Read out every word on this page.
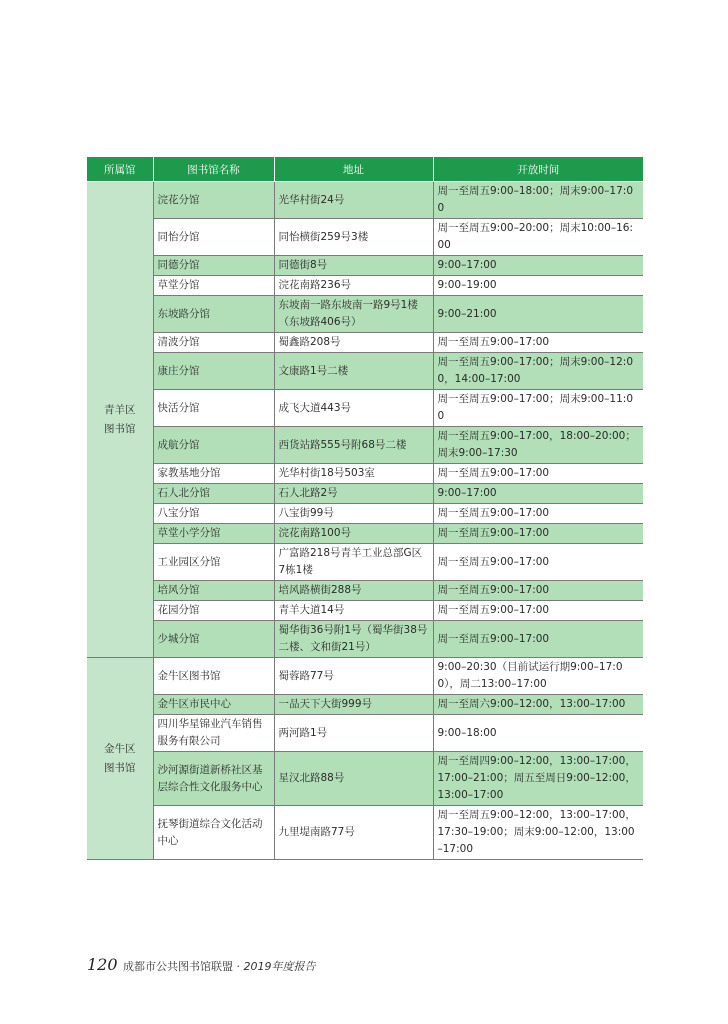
所属馆	图书馆名称	地址	开放时间

青羊区
图书馆	浣花分馆	光华村街24号	周一至周五9:00–18:00；周末9:00–17:00
	同怡分馆	同怡横街259号3楼	周一至周五9:00–20:00；周末10:00–16:00
	同德分馆	同德街8号	9:00–17:00
	草堂分馆	浣花南路236号	9:00–19:00
	东坡路分馆	东坡南一路东坡南一路9号1楼（东坡路406号）	9:00–21:00
	清波分馆	蜀鑫路208号	周一至周五9:00–17:00
	康庄分馆	文康路1号二楼	周一至周五9:00–17:00；周末9:00–12:00，14:00–17:00
	快活分馆	成飞大道443号	周一至周五9:00–17:00；周末9:00–11:00
	成航分馆	西货站路555号附68号二楼	周一至周五9:00–17:00，18:00–20:00；周末9:00–17:30
	家教基地分馆	光华村街18号503室	周一至周五9:00–17:00
	石人北分馆	石人北路2号	9:00–17:00
	八宝分馆	八宝街99号	周一至周五9:00–17:00
	草堂小学分馆	浣花南路100号	周一至周五9:00–17:00
	工业园区分馆	广富路218号青羊工业总部G区7栋1楼	周一至周五9:00–17:00
	培风分馆	培风路横街288号	周一至周五9:00–17:00
	花园分馆	青羊大道14号	周一至周五9:00–17:00
	少城分馆	蜀华街36号附1号（蜀华街38号二楼、文和街21号）	周一至周五9:00–17:00

金牛区
图书馆	金牛区图书馆	蜀蓉路77号	9:00–20:30（目前试运行期9:00–17:00），周二13:00–17:00
	金牛区市民中心	一品天下大街999号	周一至周六9:00–12:00，13:00–17:00
	四川华星锦业汽车销售服务有限公司	两河路1号	9:00–18:00
	沙河源街道新桥社区基层综合性文化服务中心	星汉北路88号	周一至周四9:00–12:00，13:00–17:00，17:00–21:00；周五至周日9:00–12:00，13:00–17:00
	抚琴街道综合文化活动中心	九里堤南路77号	周一至周五9:00–12:00，13:00–17:00，17:30–19:00；周末9:00–12:00，13:00–17:00
120 成都市公共图书馆联盟 · 2019年度报告
